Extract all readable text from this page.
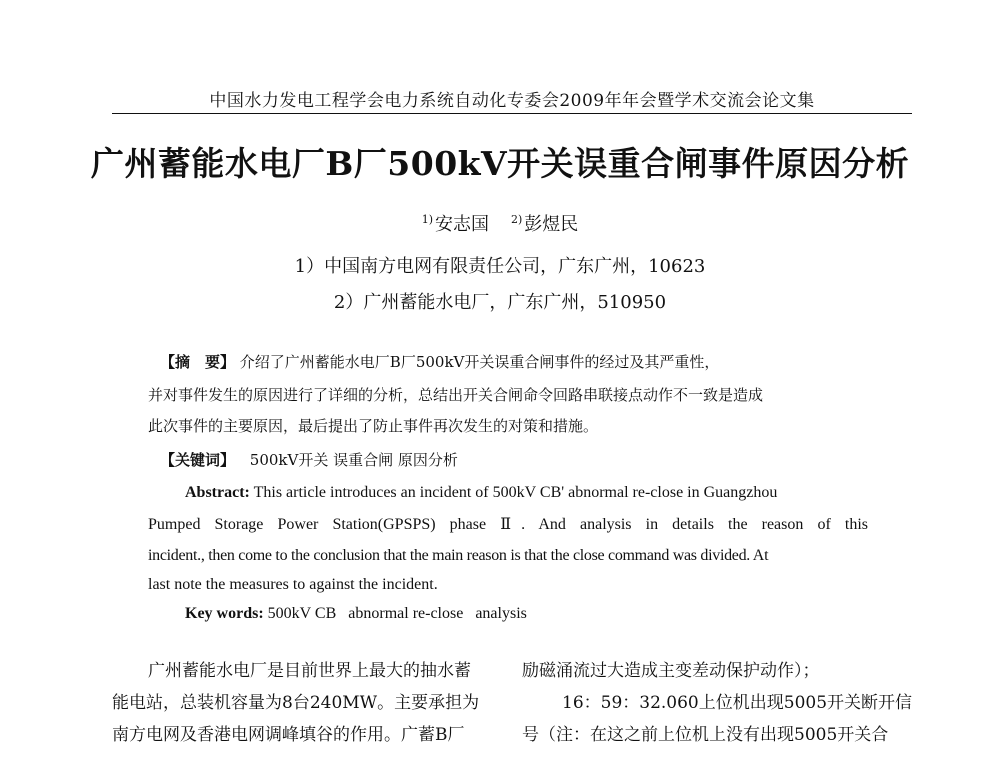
中国水力发电工程学会电力系统自动化专委会2009年年会暨学术交流会论文集
广州蓄能水电厂B厂500kV开关误重合闸事件原因分析
$^{1)}$ 安志国 $^{2)}$ 彭煜民
1）中国南方电网有限责任公司，广东广州，10623
2）广州蓄能水电厂，广东广州，510950
【摘　要】 介绍了广州蓄能水电厂B厂500kV开关误重合闸事件的经过及其严重性，
并对事件发生的原因进行了详细的分析，总结出开关合闸命令回路串联接点动作不一致是造成
此次事件的主要原因，最后提出了防止事件再次发生的对策和措施。
【关键词】 500kV开关 误重合闸 原因分析
Abstract: This article introduces an incident of 500kV CB' abnormal re-close in Guangzhou
Pumped Storage Power Station(GPSPS) phase Ⅱ. And analysis in details the reason of this
incident., then come to the conclusion that the main reason is that the close command was divided. At
last note the measures to against the incident.
Key words: 500kV CB   abnormal re-close   analysis
广州蓄能水电厂是目前世界上最大的抽水蓄
能电站，总装机容量为8台240MW。主要承担为
南方电网及香港电网调峰填谷的作用。广蓄B厂
励磁涌流过大造成主变差动保护动作）；
16：59：32.060上位机出现5005开关断开信
号（注：在这之前上位机上没有出现5005开关合
